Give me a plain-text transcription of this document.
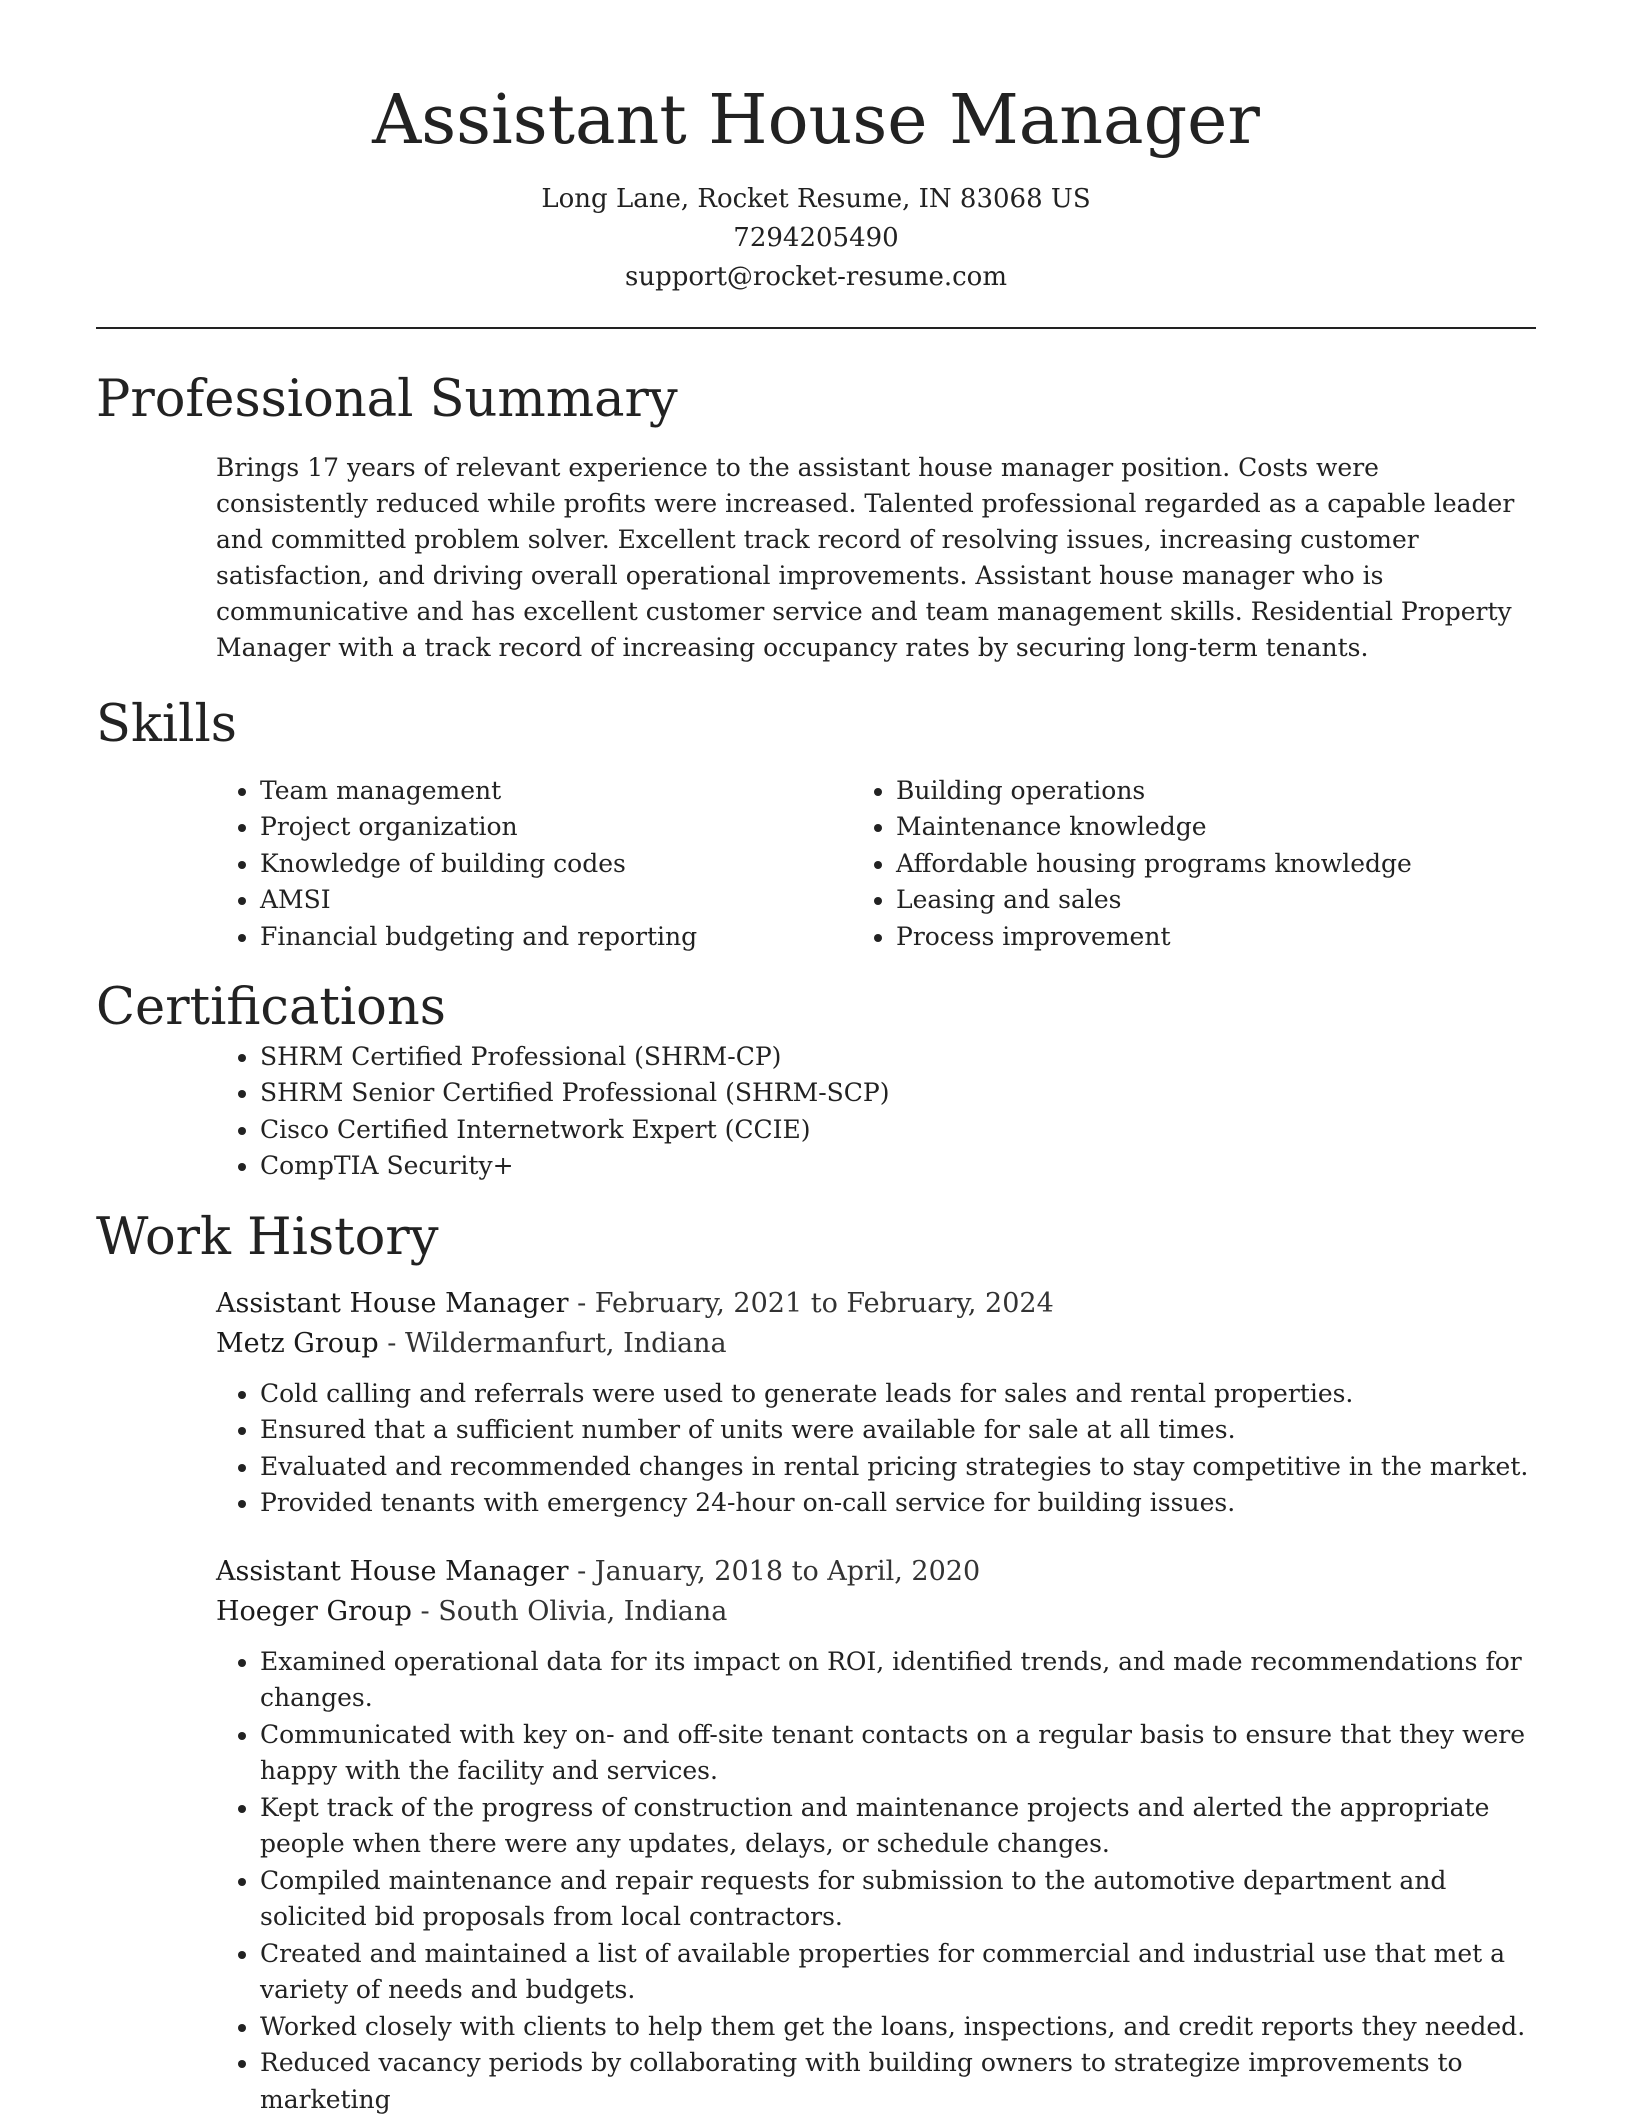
Assistant House Manager
Long Lane, Rocket Resume, IN 83068 US
7294205490
support@rocket-resume.com
Professional Summary

Brings 17 years of relevant experience to the assistant house manager position. Costs were consistently reduced while profits were increased. Talented professional regarded as a capable leader and committed problem solver. Excellent track record of resolving issues, increasing customer satisfaction, and driving overall operational improvements. Assistant house manager who is communicative and has excellent customer service and team management skills. Residential Property Manager with a track record of increasing occupancy rates by securing long-term tenants.

Skills
• Team management
• Project organization
• Knowledge of building codes
• AMSI
• Financial budgeting and reporting
• Building operations
• Maintenance knowledge
• Affordable housing programs knowledge
• Leasing and sales
• Process improvement
Certifications
• SHRM Certified Professional (SHRM-CP)
• SHRM Senior Certified Professional (SHRM-SCP)
• Cisco Certified Internetwork Expert (CCIE)
• CompTIA Security+
Work History
Assistant House Manager - February, 2021 to February, 2024
Metz Group - Wildermanfurt, Indiana
• Cold calling and referrals were used to generate leads for sales and rental properties.
• Ensured that a sufficient number of units were available for sale at all times.
• Evaluated and recommended changes in rental pricing strategies to stay competitive in the market.
• Provided tenants with emergency 24-hour on-call service for building issues.
Assistant House Manager - January, 2018 to April, 2020
Hoeger Group - South Olivia, Indiana
• Examined operational data for its impact on ROI, identified trends, and made recommendations for changes.
• Communicated with key on- and off-site tenant contacts on a regular basis to ensure that they were happy with the facility and services.
• Kept track of the progress of construction and maintenance projects and alerted the appropriate people when there were any updates, delays, or schedule changes.
• Compiled maintenance and repair requests for submission to the automotive department and solicited bid proposals from local contractors.
• Created and maintained a list of available properties for commercial and industrial use that met a variety of needs and budgets.
• Worked closely with clients to help them get the loans, inspections, and credit reports they needed.
• Reduced vacancy periods by collaborating with building owners to strategize improvements to marketing
